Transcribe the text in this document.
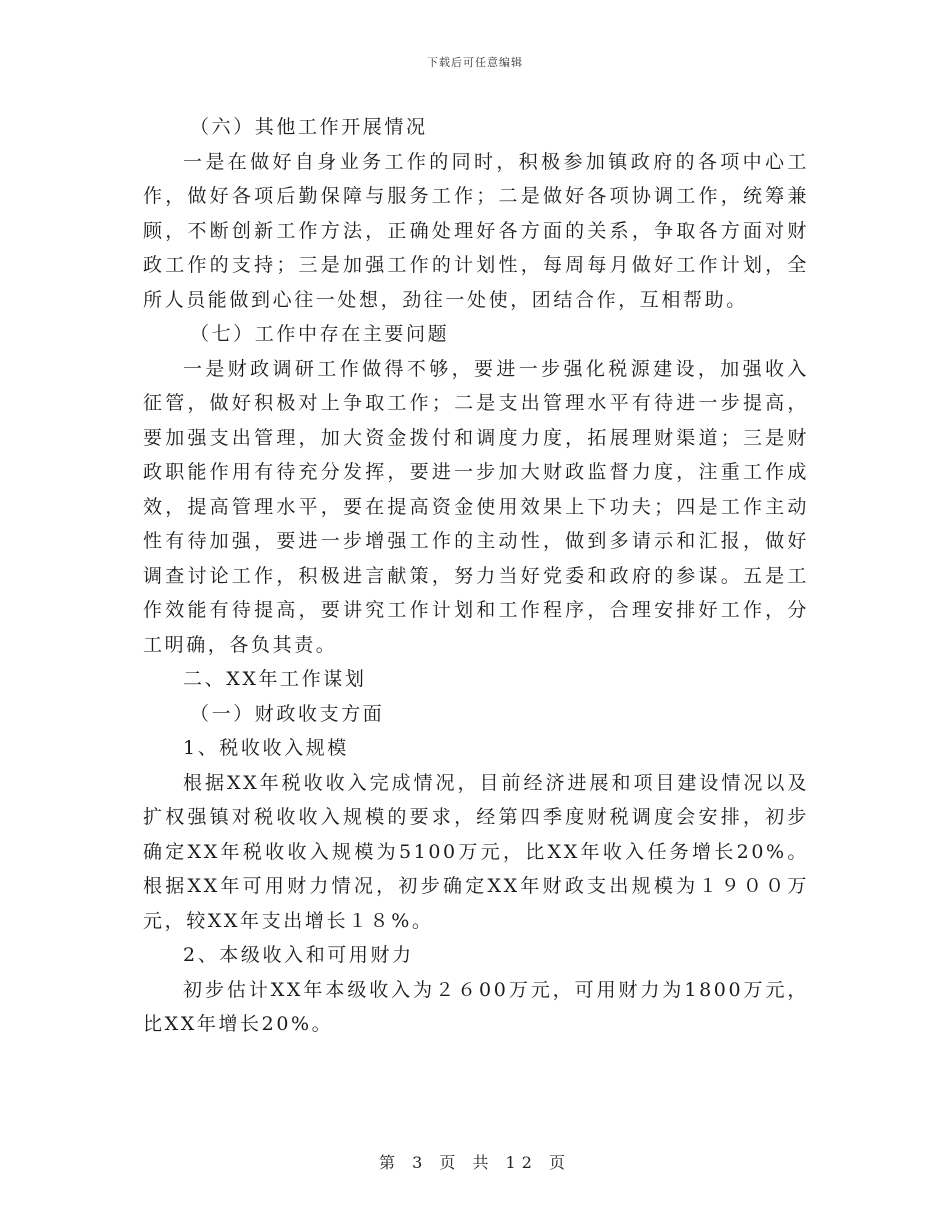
下载后可任意编辑

（六）其他工作开展情况

一是在做好自身业务工作的同时，积极参加镇政府的各项中心工作，做好各项后勤保障与服务工作；二是做好各项协调工作，统筹兼顾，不断创新工作方法，正确处理好各方面的关系，争取各方面对财政工作的支持；三是加强工作的计划性，每周每月做好工作计划，全所人员能做到心往一处想，劲往一处使，团结合作，互相帮助。

（七）工作中存在主要问题

一是财政调研工作做得不够，要进一步强化税源建设，加强收入征管，做好积极对上争取工作；二是支出管理水平有待进一步提高，要加强支出管理，加大资金拨付和调度力度，拓展理财渠道；三是财政职能作用有待充分发挥，要进一步加大财政监督力度，注重工作成效，提高管理水平，要在提高资金使用效果上下功夫；四是工作主动性有待加强，要进一步增强工作的主动性，做到多请示和汇报，做好调查讨论工作，积极进言献策，努力当好党委和政府的参谋。五是工作效能有待提高，要讲究工作计划和工作程序，合理安排好工作，分工明确，各负其责。

二、XX年工作谋划

（一）财政收支方面

1、税收收入规模

根据XX年税收收入完成情况，目前经济进展和项目建设情况以及扩权强镇对税收收入规模的要求，经第四季度财税调度会安排，初步确定XX年税收收入规模为5100万元，比XX年收入任务增长20%。根据XX年可用财力情况，初步确定XX年财政支出规模为１９００万元，较XX年支出增长１８%。

2、本级收入和可用财力

初步估计XX年本级收入为２６00万元，可用财力为1800万元，比XX年增长20%。

第 3 页 共 12 页
